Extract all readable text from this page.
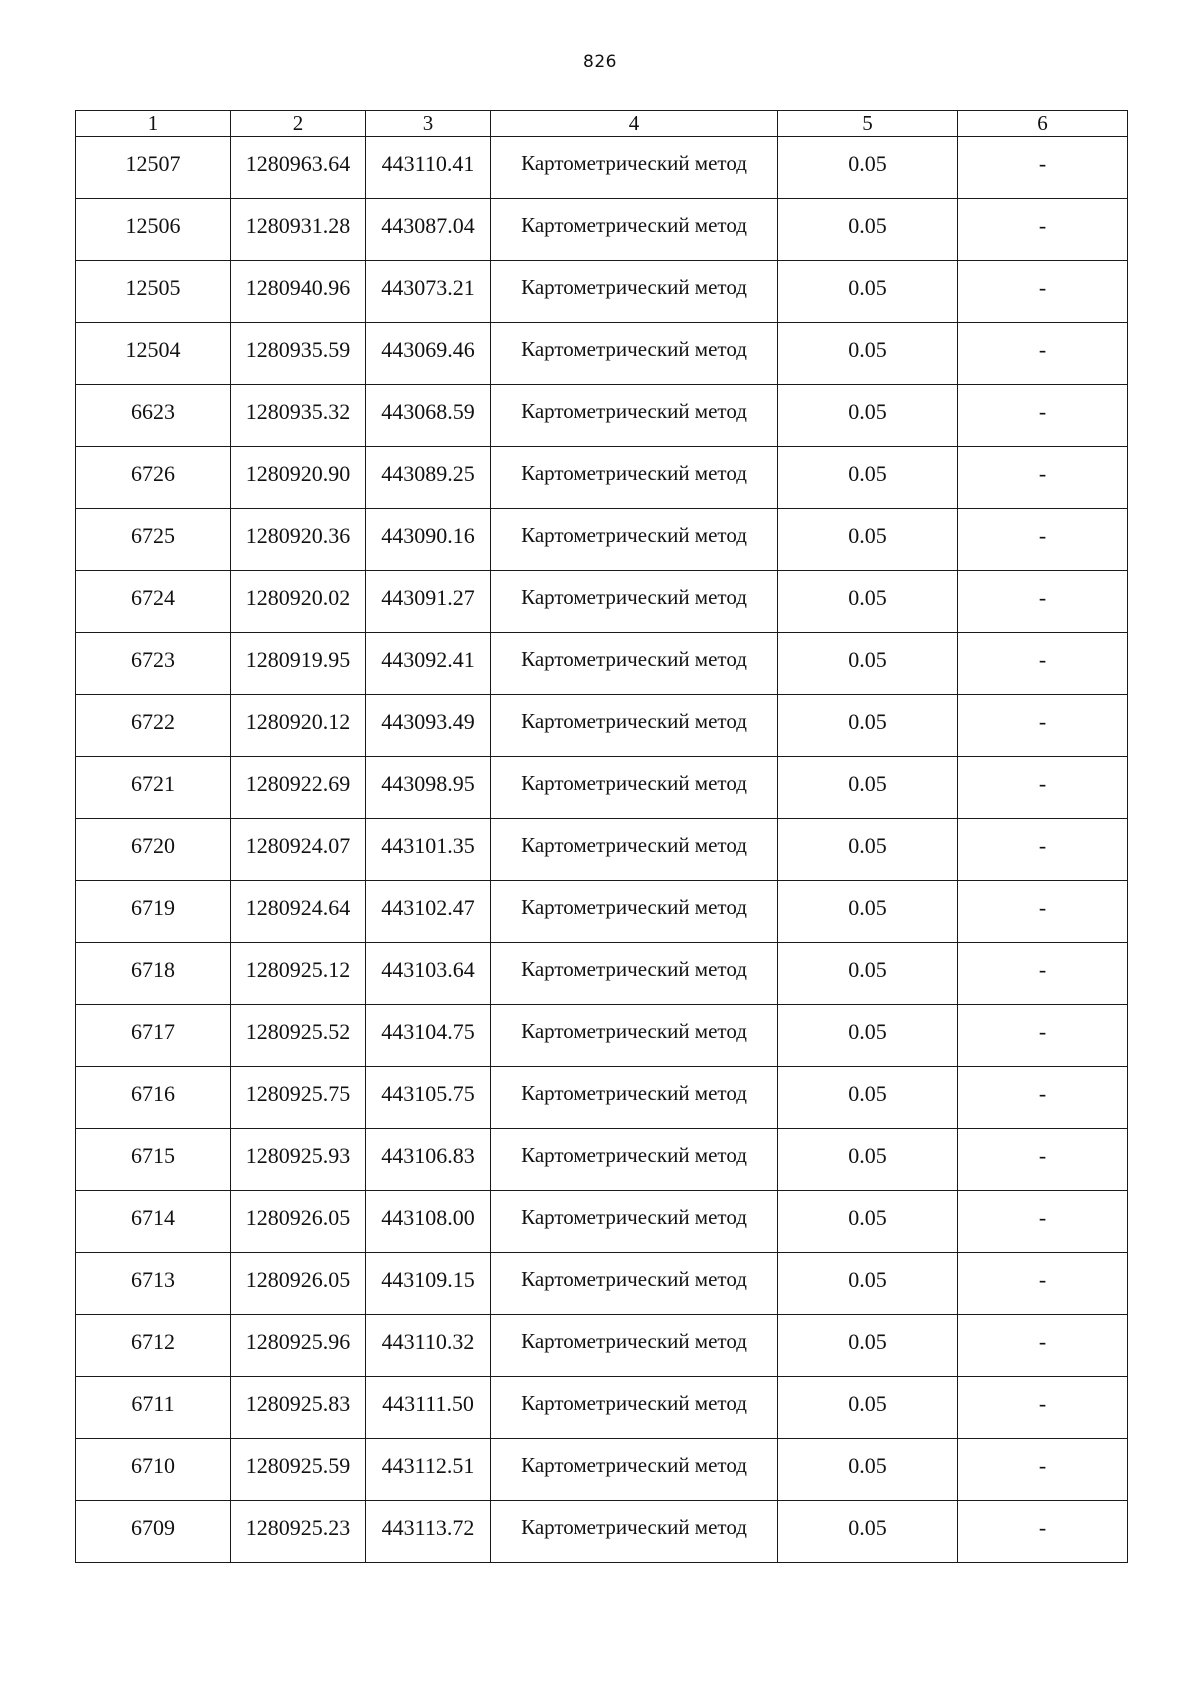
826
1	2	3	4	5	6

12507	1280963.64	443110.41	Картометрический метод	0.05	-

12506	1280931.28	443087.04	Картометрический метод	0.05	-

12505	1280940.96	443073.21	Картометрический метод	0.05	-

12504	1280935.59	443069.46	Картометрический метод	0.05	-

6623	1280935.32	443068.59	Картометрический метод	0.05	-

6726	1280920.90	443089.25	Картометрический метод	0.05	-

6725	1280920.36	443090.16	Картометрический метод	0.05	-

6724	1280920.02	443091.27	Картометрический метод	0.05	-

6723	1280919.95	443092.41	Картометрический метод	0.05	-

6722	1280920.12	443093.49	Картометрический метод	0.05	-

6721	1280922.69	443098.95	Картометрический метод	0.05	-

6720	1280924.07	443101.35	Картометрический метод	0.05	-

6719	1280924.64	443102.47	Картометрический метод	0.05	-

6718	1280925.12	443103.64	Картометрический метод	0.05	-

6717	1280925.52	443104.75	Картометрический метод	0.05	-

6716	1280925.75	443105.75	Картометрический метод	0.05	-

6715	1280925.93	443106.83	Картометрический метод	0.05	-

6714	1280926.05	443108.00	Картометрический метод	0.05	-

6713	1280926.05	443109.15	Картометрический метод	0.05	-

6712	1280925.96	443110.32	Картометрический метод	0.05	-

6711	1280925.83	443111.50	Картометрический метод	0.05	-

6710	1280925.59	443112.51	Картометрический метод	0.05	-

6709	1280925.23	443113.72	Картометрический метод	0.05	-
